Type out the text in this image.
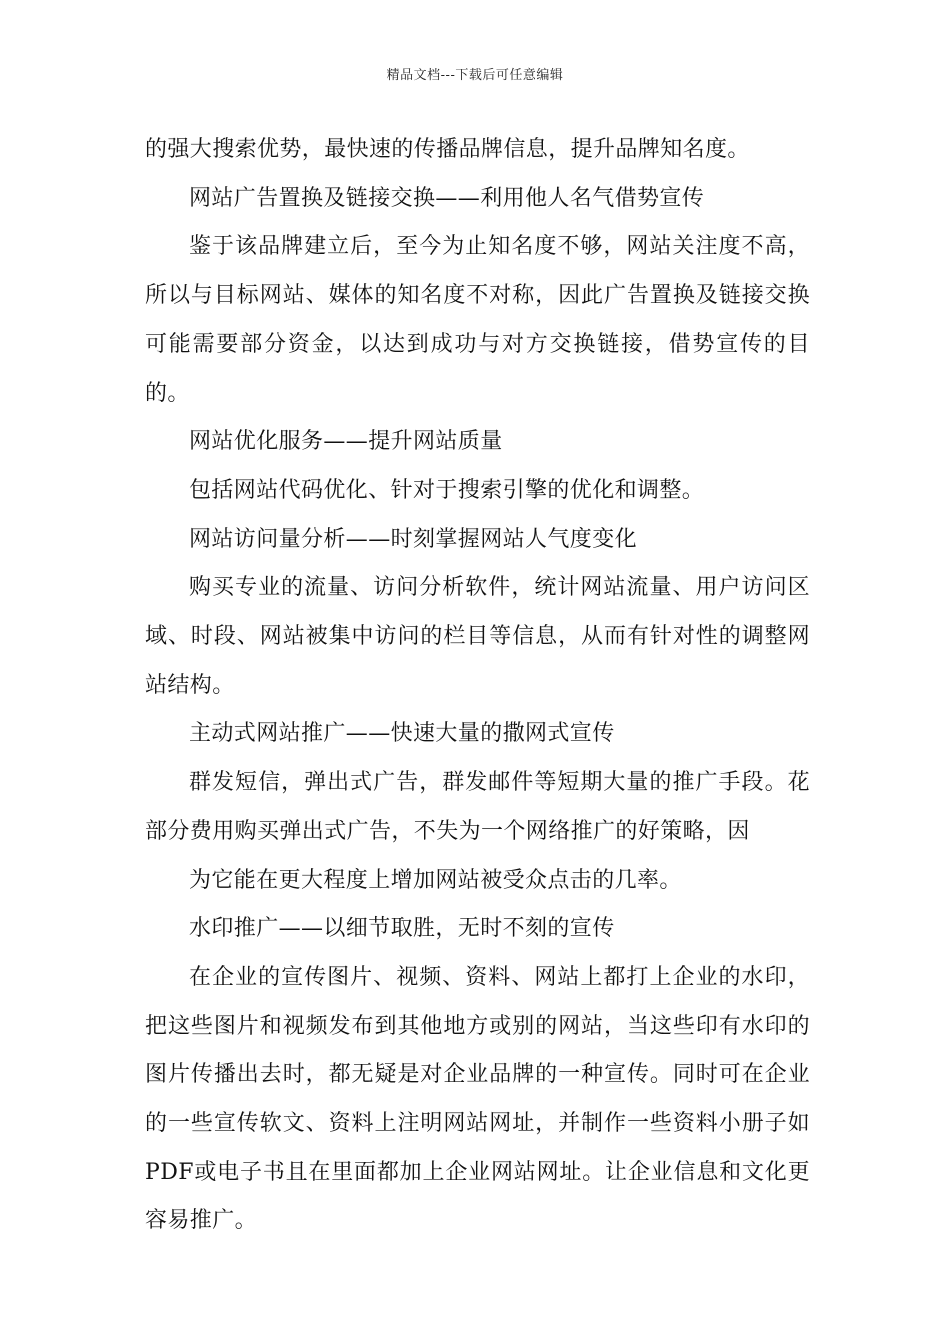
精品文档---下载后可任意编辑

的强大搜索优势，最快速的传播品牌信息，提升品牌知名度。

网站广告置换及链接交换——利用他人名气借势宣传

鉴于该品牌建立后，至今为止知名度不够，网站关注度不高，所以与目标网站、媒体的知名度不对称，因此广告置换及链接交换可能需要部分资金，以达到成功与对方交换链接，借势宣传的目的。

网站优化服务——提升网站质量

包括网站代码优化、针对于搜索引擎的优化和调整。

网站访问量分析——时刻掌握网站人气度变化

购买专业的流量、访问分析软件，统计网站流量、用户访问区域、时段、网站被集中访问的栏目等信息，从而有针对性的调整网站结构。

主动式网站推广——快速大量的撒网式宣传

群发短信，弹出式广告，群发邮件等短期大量的推广手段。花部分费用购买弹出式广告，不失为一个网络推广的好策略，因

为它能在更大程度上增加网站被受众点击的几率。

水印推广——以细节取胜，无时不刻的宣传

在企业的宣传图片、视频、资料、网站上都打上企业的水印，把这些图片和视频发布到其他地方或别的网站，当这些印有水印的图片传播出去时，都无疑是对企业品牌的一种宣传。同时可在企业的一些宣传软文、资料上注明网站网址，并制作一些资料小册子如PDF或电子书且在里面都加上企业网站网址。让企业信息和文化更容易推广。
